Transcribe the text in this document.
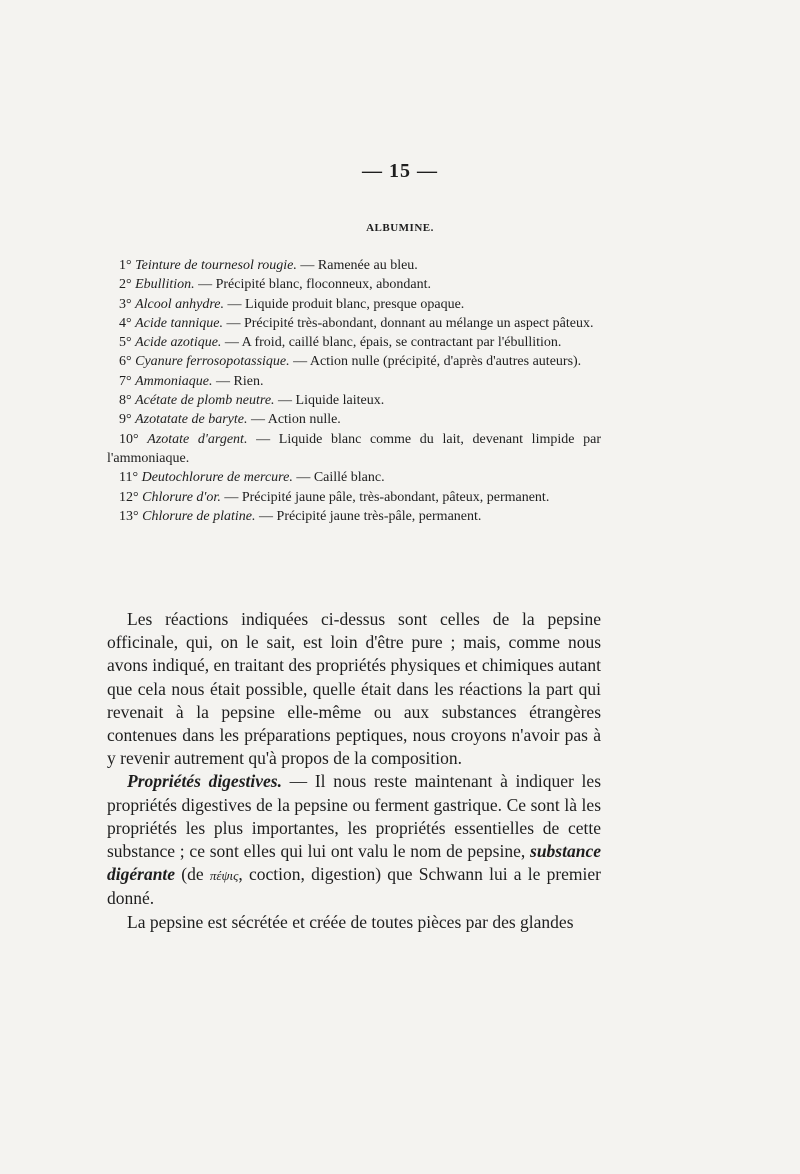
— 15 —
ALBUMINE.

1° Teinture de tournesol rougie. — Ramenée au bleu.

2° Ebullition. — Précipité blanc, floconneux, abondant.

3° Alcool anhydre. — Liquide produit blanc, presque opaque.

4° Acide tannique. — Précipité très-abondant, donnant au mélange un aspect pâteux.

5° Acide azotique. — A froid, caillé blanc, épais, se contractant par l'ébullition.

6° Cyanure ferrosopotassique. — Action nulle (précipité, d'après d'autres auteurs).

7° Ammoniaque. — Rien.

8° Acétate de plomb neutre. — Liquide laiteux.

9° Azotatate de baryte. — Action nulle.

10° Azotate d'argent. — Liquide blanc comme du lait, devenant limpide par l'ammoniaque.

11° Deutochlorure de mercure. — Caillé blanc.

12° Chlorure d'or. — Précipité jaune pâle, très-abondant, pâteux, permanent.

13° Chlorure de platine. — Précipité jaune très-pâle, permanent.

Les réactions indiquées ci-dessus sont celles de la pepsine officinale, qui, on le sait, est loin d'être pure ; mais, comme nous avons indiqué, en traitant des propriétés physiques et chimiques autant que cela nous était possible, quelle était dans les réactions la part qui revenait à la pepsine elle-même ou aux substances étrangères contenues dans les préparations peptiques, nous croyons n'avoir pas à y revenir autrement qu'à propos de la composition.

Propriétés digestives. — Il nous reste maintenant à indiquer les propriétés digestives de la pepsine ou ferment gastrique. Ce sont là les propriétés les plus importantes, les propriétés essentielles de cette substance ; ce sont elles qui lui ont valu le nom de pepsine, substance digérante (de πέψις, coction, digestion) que Schwann lui a le premier donné.

La pepsine est sécrétée et créée de toutes pièces par des glandes
